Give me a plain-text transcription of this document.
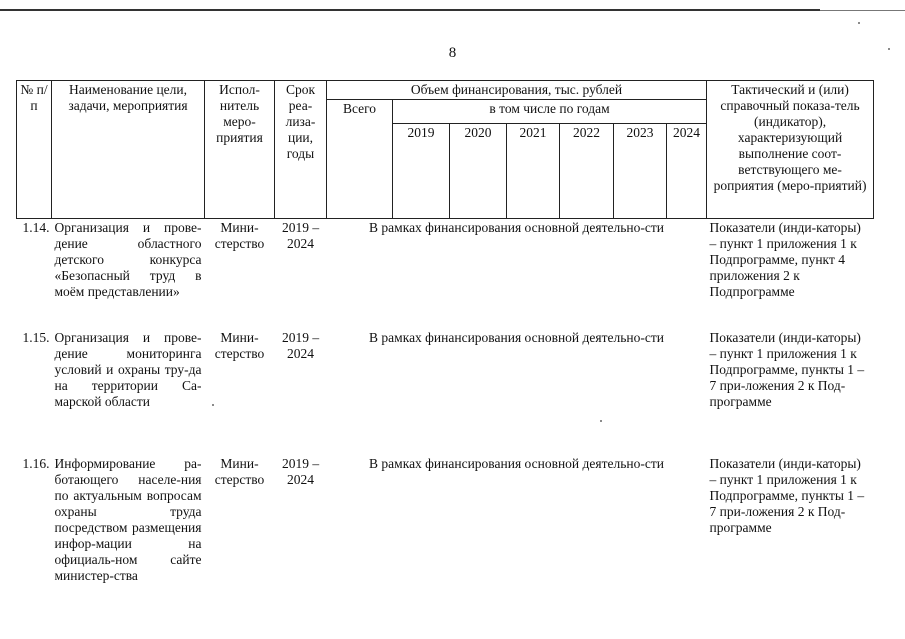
8
№ п/п	Наименование цели, задачи, мероприятия	Испол-нитель меро-приятия	Срок реа-лиза-ции, годы	Объем финансирования, тыс. рублей							Тактический и (или) справочный показа-тель (индикатор), характеризующий выполнение соот-ветствующего ме-роприятия (меро-приятий)
				Всего	в том числе по годам						
					2019	2020	2021	2022	2023	2024	
1.14.	Организация и прове-дение областного детского конкурса «Безопасный труд в моём представлении»	Мини-стерство	2019 – 2024	В рамках финансирования основной деятельно-сти							Показатели (инди-каторы) – пункт 1 приложения 1 к Подпрограмме, пункт 4 приложения 2 к Подпрограмме
1.15.	Организация и прове-дение мониторинга условий и охраны тру-да на территории Са-марской области	Мини-стерство	2019 – 2024	В рамках финансирования основной деятельно-сти							Показатели (инди-каторы) – пункт 1 приложения 1 к Подпрограмме, пункты 1 – 7 при-ложения 2 к Под-программе
1.16.	Информирование ра-ботающего населе-ния по актуальным вопросам охраны труда посредством размещения инфор-мации на официаль-ном сайте министер-ства	Мини-стерство	2019 – 2024	В рамках финансирования основной деятельно-сти							Показатели (инди-каторы) – пункт 1 приложения 1 к Подпрограмме, пункты 1 – 7 при-ложения 2 к Под-программе
